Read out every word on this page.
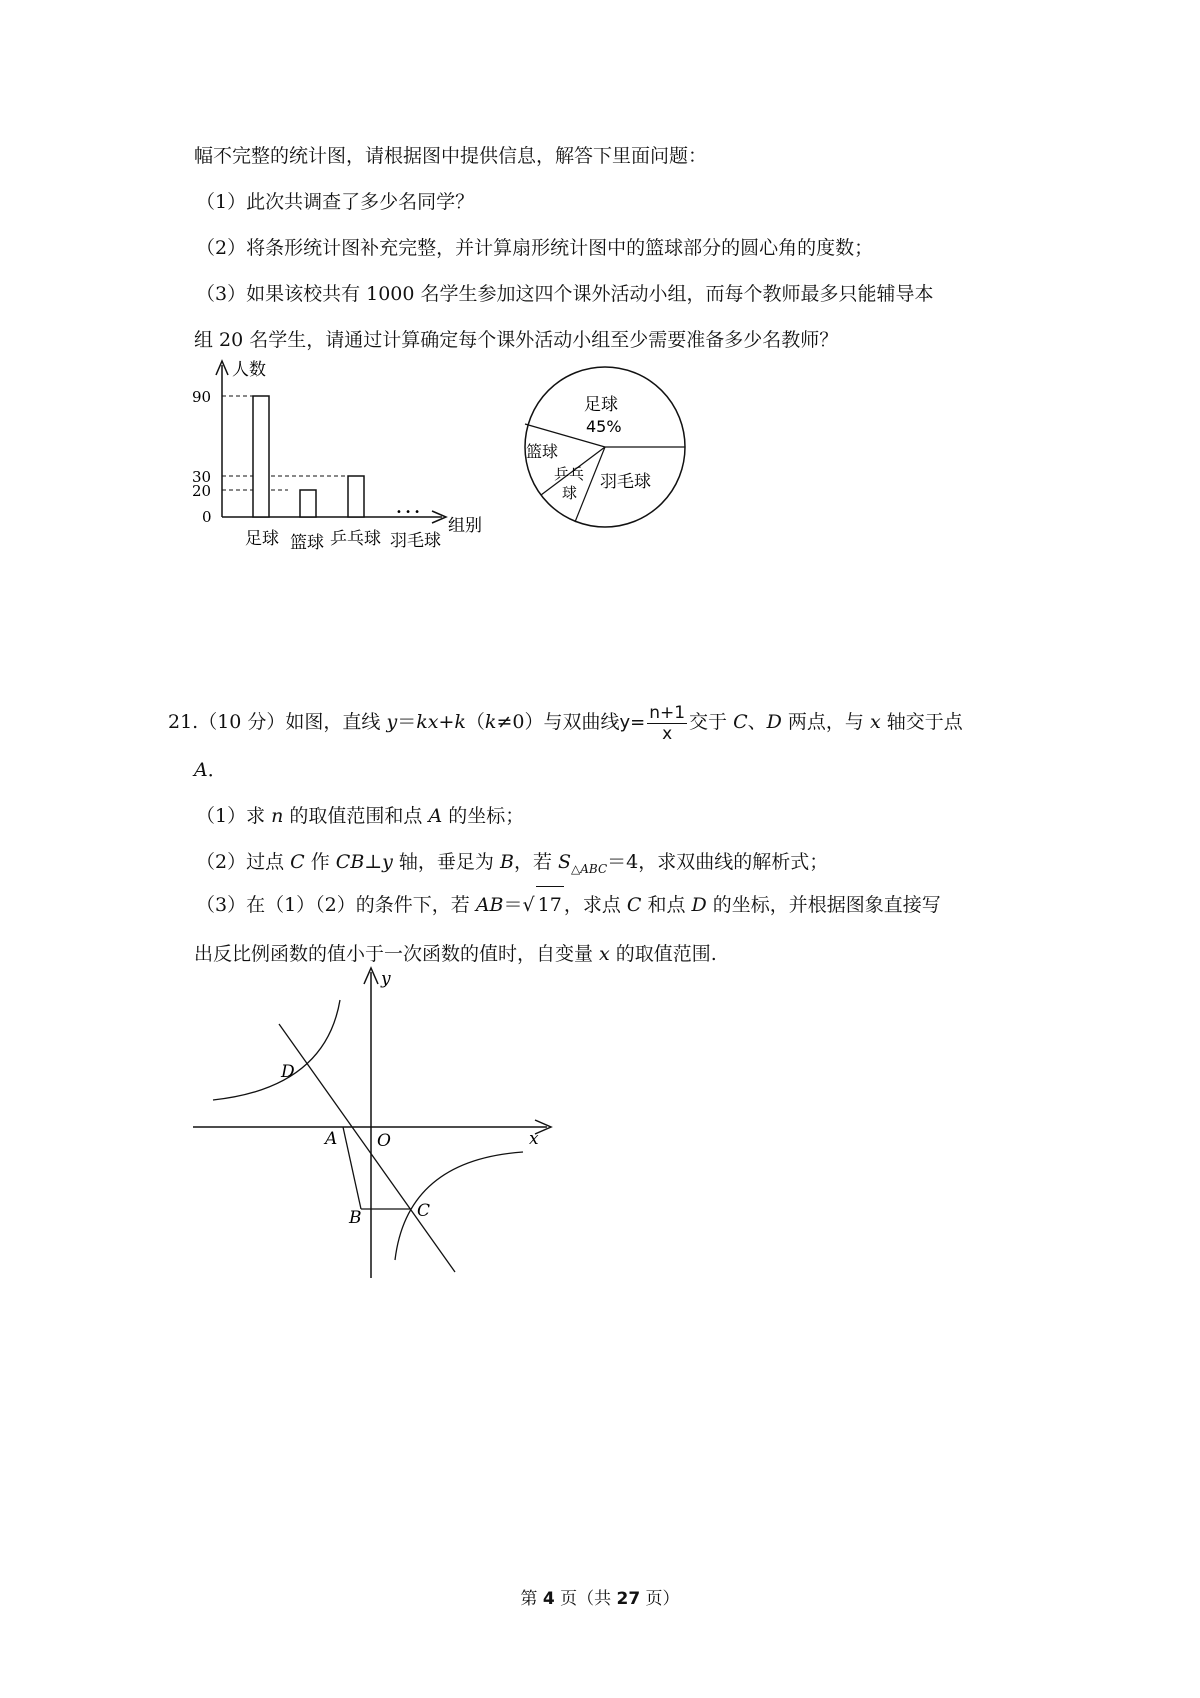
幅不完整的统计图，请根据图中提供信息，解答下里面问题：
（1）此次共调查了多少名同学？
（2）将条形统计图补充完整，并计算扇形统计图中的篮球部分的圆心角的度数；
（3）如果该校共有 1000 名学生参加这四个课外活动小组，而每个教师最多只能辅导本
组 20 名学生，请通过计算确定每个课外活动小组至少需要准备多少名教师？
人数
组别
90
30
20
0	• • •
足球 篮球 乒乓球 羽毛球
足球
45%
篮球
乒乓
球
羽毛球
21.（10 分）如图，直线 y＝kx+k（k≠0）与双曲线$y= \frac{n+1}{x}$ 交于 C、D 两点，与 x 轴交于点
A．
（1）求 n 的取值范围和点 A 的坐标；
（2）过点 C 作 CB⊥y 轴，垂足为 B，若 $S_{\triangle ABC}=4$，求双曲线的解析式；
（3）在（1）（2）的条件下，若 AB＝√ 17 ，求点 C 和点 D 的坐标，并根据图象直接写
出反比例函数的值小于一次函数的值时，自变量 x 的取值范围.
y
x
O
A
B	C
D
第 4 页（共 27 页）
